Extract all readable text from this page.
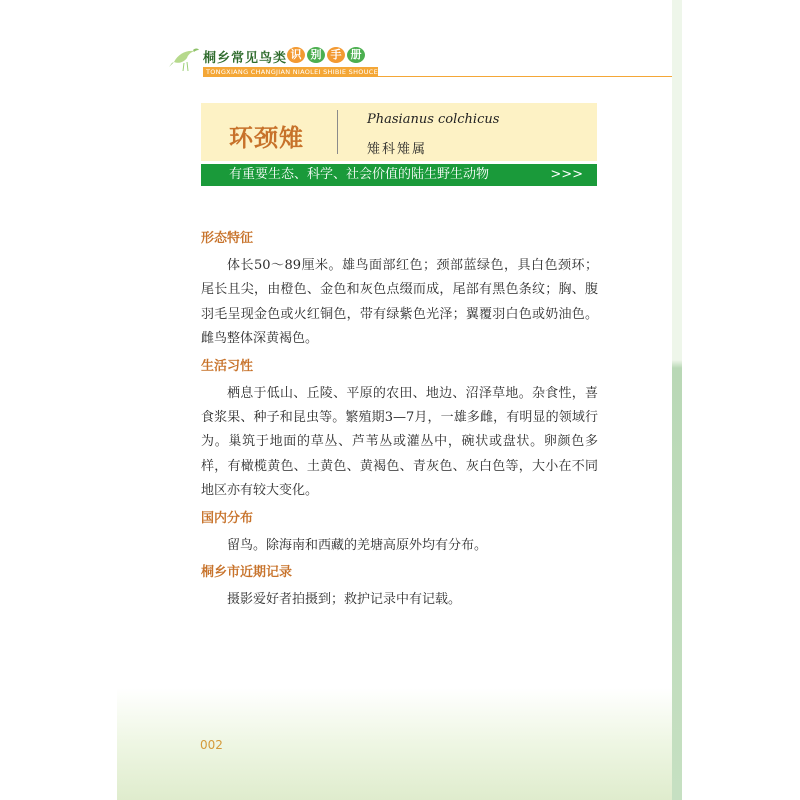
桐乡常见鸟类 识 别 手 册
TONGXIANG CHANGJIAN NIAOLEI SHIBIE SHOUCE
环颈雉
Phasianus colchicus
雉科雉属
有重要生态、科学、社会价值的陆生野生动物	>>>
形态特征
体长50～89厘米。雄鸟面部红色；颈部蓝绿色，具白色颈环；尾长且尖，由橙色、金色和灰色点缀而成，尾部有黑色条纹；胸、腹羽毛呈现金色或火红铜色，带有绿紫色光泽；翼覆羽白色或奶油色。雌鸟整体深黄褐色。
生活习性
栖息于低山、丘陵、平原的农田、地边、沼泽草地。杂食性，喜食浆果、种子和昆虫等。繁殖期3—7月，一雄多雌，有明显的领域行为。巢筑于地面的草丛、芦苇丛或灌丛中，碗状或盘状。卵颜色多样，有橄榄黄色、土黄色、黄褐色、青灰色、灰白色等，大小在不同地区亦有较大变化。
国内分布
留鸟。除海南和西藏的羌塘高原外均有分布。
桐乡市近期记录
摄影爱好者拍摄到；救护记录中有记载。
002
